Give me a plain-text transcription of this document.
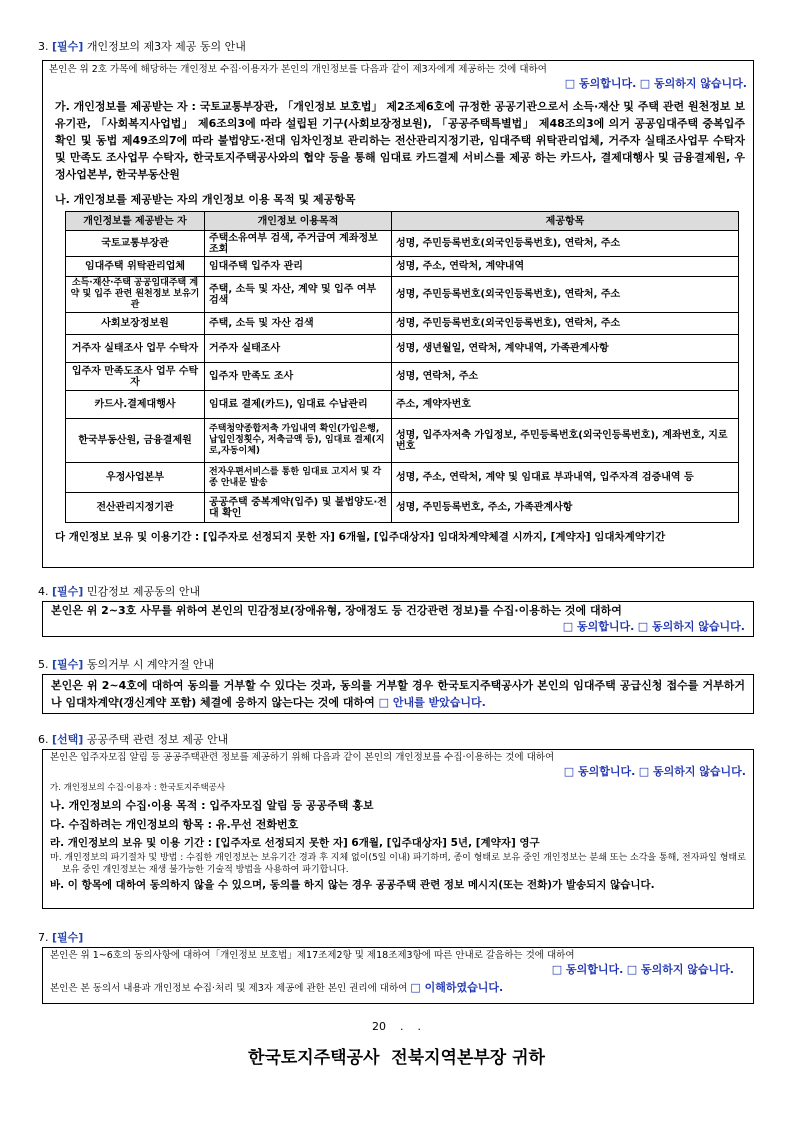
3. [필수] 개인정보의 제3자 제공 동의 안내

본인은 위 2호 가목에 해당하는 개인정보 수집·이용자가 본인의 개인정보를 다음과 같이 제3자에게 제공하는 것에 대하여

□ 동의합니다. □ 동의하지 않습니다.

가. 개인정보를 제공받는 자 : 국토교통부장관, 「개인정보 보호법」 제2조제6호에 규정한 공공기관으로서 소득·재산 및 주택 관련 원천정보 보유기관, 「사회복지사업법」 제6조의3에 따라 설립된 기구(사회보장정보원), 「공공주택특별법」 제48조의3에 의거 공공임대주택 중복입주 확인 및 동법 제49조의7에 따라 불법양도·전대 임차인정보 관리하는 전산관리지정기관, 임대주택 위탁관리업체, 거주자 실태조사업무 수탁자 및 만족도 조사업무 수탁자, 한국토지주택공사와의 협약 등을 통해 임대료 카드결제 서비스를 제공 하는 카드사, 결제대행사 및 금융결제원, 우정사업본부, 한국부동산원

나. 개인정보를 제공받는 자의 개인정보 이용 목적 및 제공항목

개인정보를 제공받는 자	개인정보 이용목적	제공항목
국토교통부장관	주택소유여부 검색, 주거급여 계좌정보조회	성명, 주민등록번호(외국인등록번호), 연락처, 주소
임대주택 위탁관리업체	임대주택 입주자 관리	성명, 주소, 연락처, 계약내역
소득·재산·주택 공공임대주택 계약 및 입주 관련 원천정보 보유기관	주택, 소득 및 자산, 계약 및 입주 여부 검색	성명, 주민등록번호(외국인등록번호), 연락처, 주소
사회보장정보원	주택, 소득 및 자산 검색	성명, 주민등록번호(외국인등록번호), 연락처, 주소
거주자 실태조사 업무 수탁자	거주자 실태조사	성명, 생년월일, 연락처, 계약내역, 가족관계사항
입주자 만족도조사 업무 수탁자	입주자 만족도 조사	성명, 연락처, 주소
카드사.결제대행사	임대료 결제(카드), 임대료 수납관리	주소, 계약자번호
한국부동산원, 금융결제원	주택청약종합저축 가입내역 확인(가입은행, 납입인정횟수, 저축금액 등), 임대료 결제(지로,자동이체)	성명, 입주자저축 가입정보, 주민등록번호(외국인등록번호), 계좌번호, 지로번호
우정사업본부	전자우편서비스를 통한 임대료 고지서 및 각종 안내문 발송	성명, 주소, 연락처, 계약 및 임대료 부과내역, 입주자격 검증내역 등
전산관리지정기관	공공주택 중복계약(입주) 및 불법양도·전대 확인	성명, 주민등록번호, 주소, 가족관계사항

다 개인정보 보유 및 이용기간 : [입주자로 선정되지 못한 자] 6개월, [입주대상자] 임대차계약체결 시까지, [계약자] 임대차계약기간

4. [필수] 민감정보 제공동의 안내

본인은 위 2~3호 사무를 위하여 본인의 민감정보(장애유형, 장애정도 등 건강관련 정보)를 수집·이용하는 것에 대하여

□ 동의합니다. □ 동의하지 않습니다.

5. [필수] 동의거부 시 계약거절 안내

본인은 위 2~4호에 대하여 동의를 거부할 수 있다는 것과, 동의를 거부할 경우 한국토지주택공사가 본인의 임대주택 공급신청 접수를 거부하거나 임대차계약(갱신계약 포함) 체결에 응하지 않는다는 것에 대하여 □ 안내를 받았습니다.

6. [선택] 공공주택 관련 정보 제공 안내

본인은 입주자모집 알림 등 공공주택관련 정보를 제공하기 위해 다음과 같이 본인의 개인정보를 수집·이용하는 것에 대하여

□ 동의합니다. □ 동의하지 않습니다.

가. 개인정보의 수집·이용자 : 한국토지주택공사

나. 개인정보의 수집·이용 목적 : 입주자모집 알림 등 공공주택 홍보

다. 수집하려는 개인정보의 항목 : 유.무선 전화번호

라. 개인정보의 보유 및 이용 기간 : [입주자로 선정되지 못한 자] 6개월, [입주대상자] 5년, [계약자] 영구

마. 개인정보의 파기절차 및 방법 : 수집한 개인정보는 보유기간 경과 후 지체 없이(5일 이내) 파기하며, 종이 형태로 보유 중인 개인정보는 분쇄 또는 소각을 통해, 전자파일 형태로 보유 중인 개인정보는 재생 불가능한 기술적 방법을 사용하여 파기합니다.

바. 이 항목에 대하여 동의하지 않을 수 있으며, 동의를 하지 않는 경우 공공주택 관련 정보 메시지(또는 전화)가 발송되지 않습니다.

7. [필수]

본인은 위 1~6호의 동의사항에 대하여「개인정보 보호법」제17조제2항 및 제18조제3항에 따른 안내로 갈음하는 것에 대하여

□ 동의합니다. □ 동의하지 않습니다.

본인은 본 동의서 내용과 개인정보 수집·처리 및 제3자 제공에 관한 본인 권리에 대하여 □ 이해하였습니다.

20    .    .
한국토지주택공사  전북지역본부장 귀하
